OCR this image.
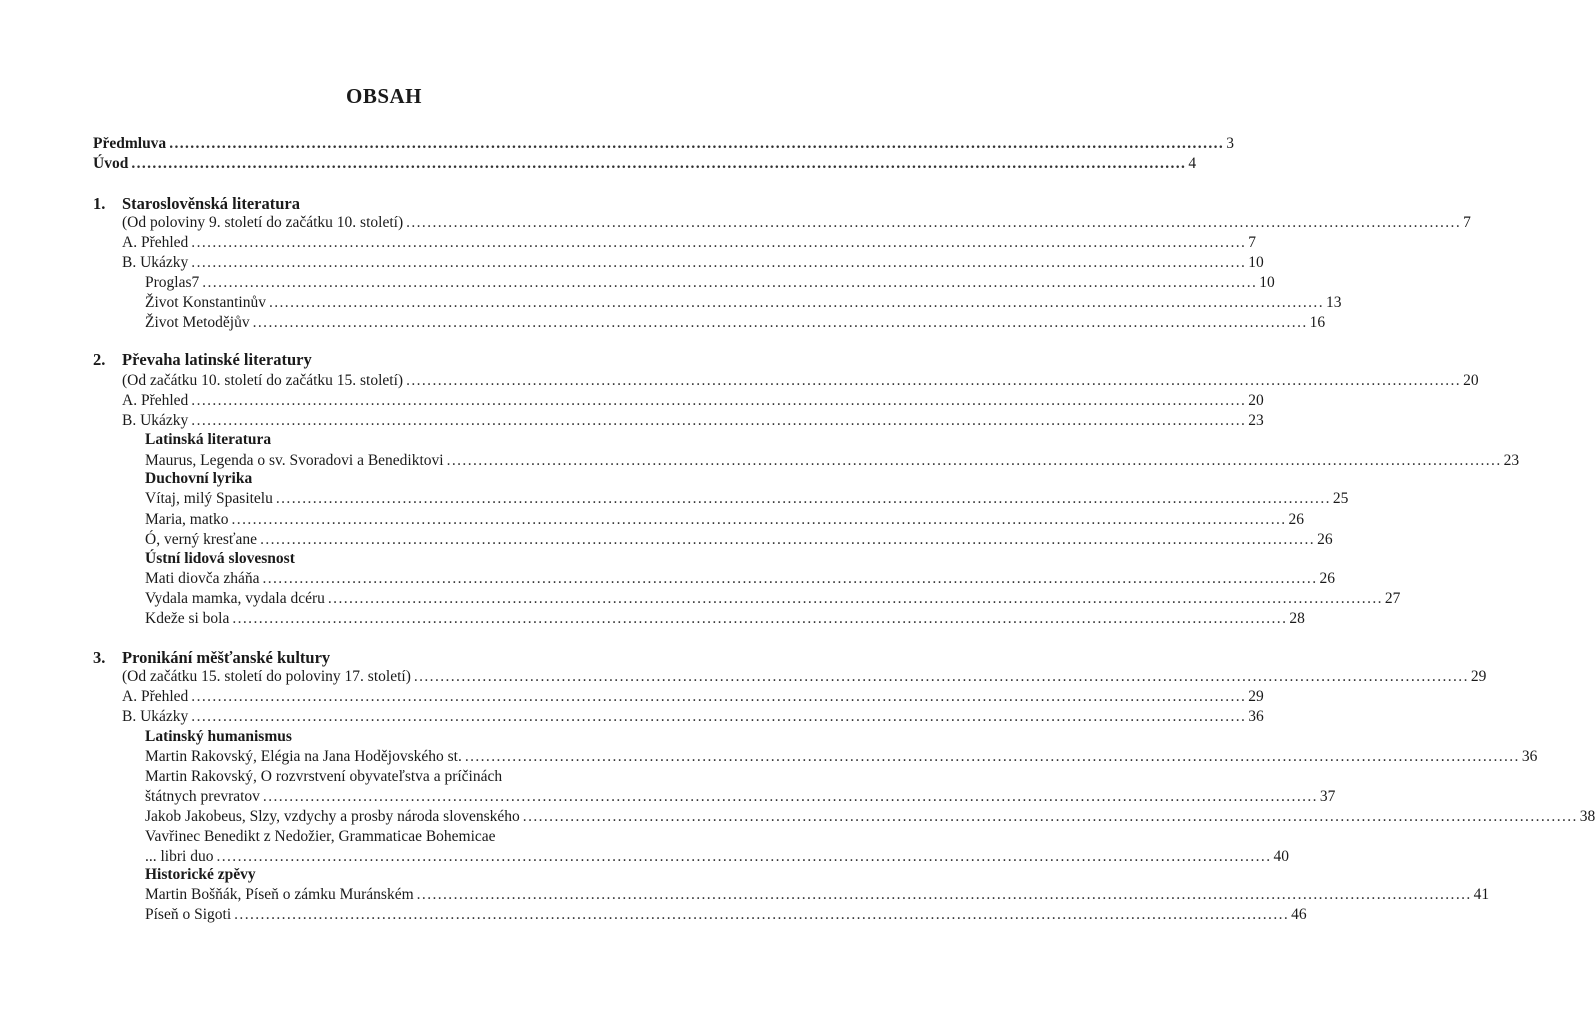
OBSAH
Předmluva ........................................................................................................................................................................................................ 3
Úvod ........................................................................................................................................................................................................ 4
1. Staroslověnská literatura
(Od poloviny 9. století do začátku 10. století) ........................................................................................................................................................................................................ 7
A. Přehled ........................................................................................................................................................................................................ 7
B. Ukázky ........................................................................................................................................................................................................ 10
Proglas7 ........................................................................................................................................................................................................ 10
Život Konstantinův ........................................................................................................................................................................................................ 13
Život Metodějův ........................................................................................................................................................................................................ 16
2. Převaha latinské literatury
(Od začátku 10. století do začátku 15. století) ........................................................................................................................................................................................................ 20
A. Přehled ........................................................................................................................................................................................................ 20
B. Ukázky ........................................................................................................................................................................................................ 23
Latinská literatura
Maurus, Legenda o sv. Svoradovi a Benediktovi ........................................................................................................................................................................................................ 23
Duchovní lyrika
Vítaj, milý Spasitelu ........................................................................................................................................................................................................ 25
Maria, matko ........................................................................................................................................................................................................ 26
Ó, verný kresťane ........................................................................................................................................................................................................ 26
Ústní lidová slovesnost
Mati diovča zháňa ........................................................................................................................................................................................................ 26
Vydala mamka, vydala dcéru ........................................................................................................................................................................................................ 27
Kdeže si bola ........................................................................................................................................................................................................ 28
3. Pronikání měšťanské kultury
(Od začátku 15. století do poloviny 17. století) ........................................................................................................................................................................................................ 29
A. Přehled ........................................................................................................................................................................................................ 29
B. Ukázky ........................................................................................................................................................................................................ 36
Latinský humanismus
Martin Rakovský, Elégia na Jana Hodějovského st. ........................................................................................................................................................................................................ 36
Martin Rakovský, O rozvrstvení obyvateľstva a príčinách
štátnych prevratov ........................................................................................................................................................................................................ 37
Jakob Jakobeus, Slzy, vzdychy a prosby národa slovenského ........................................................................................................................................................................................................ 38
Vavřinec Benedikt z Nedožier, Grammaticae Bohemicae
... libri duo ........................................................................................................................................................................................................ 40
Historické zpěvy
Martin Bošňák, Píseň o zámku Muránském ........................................................................................................................................................................................................ 41
Píseň o Sigoti ........................................................................................................................................................................................................ 46
